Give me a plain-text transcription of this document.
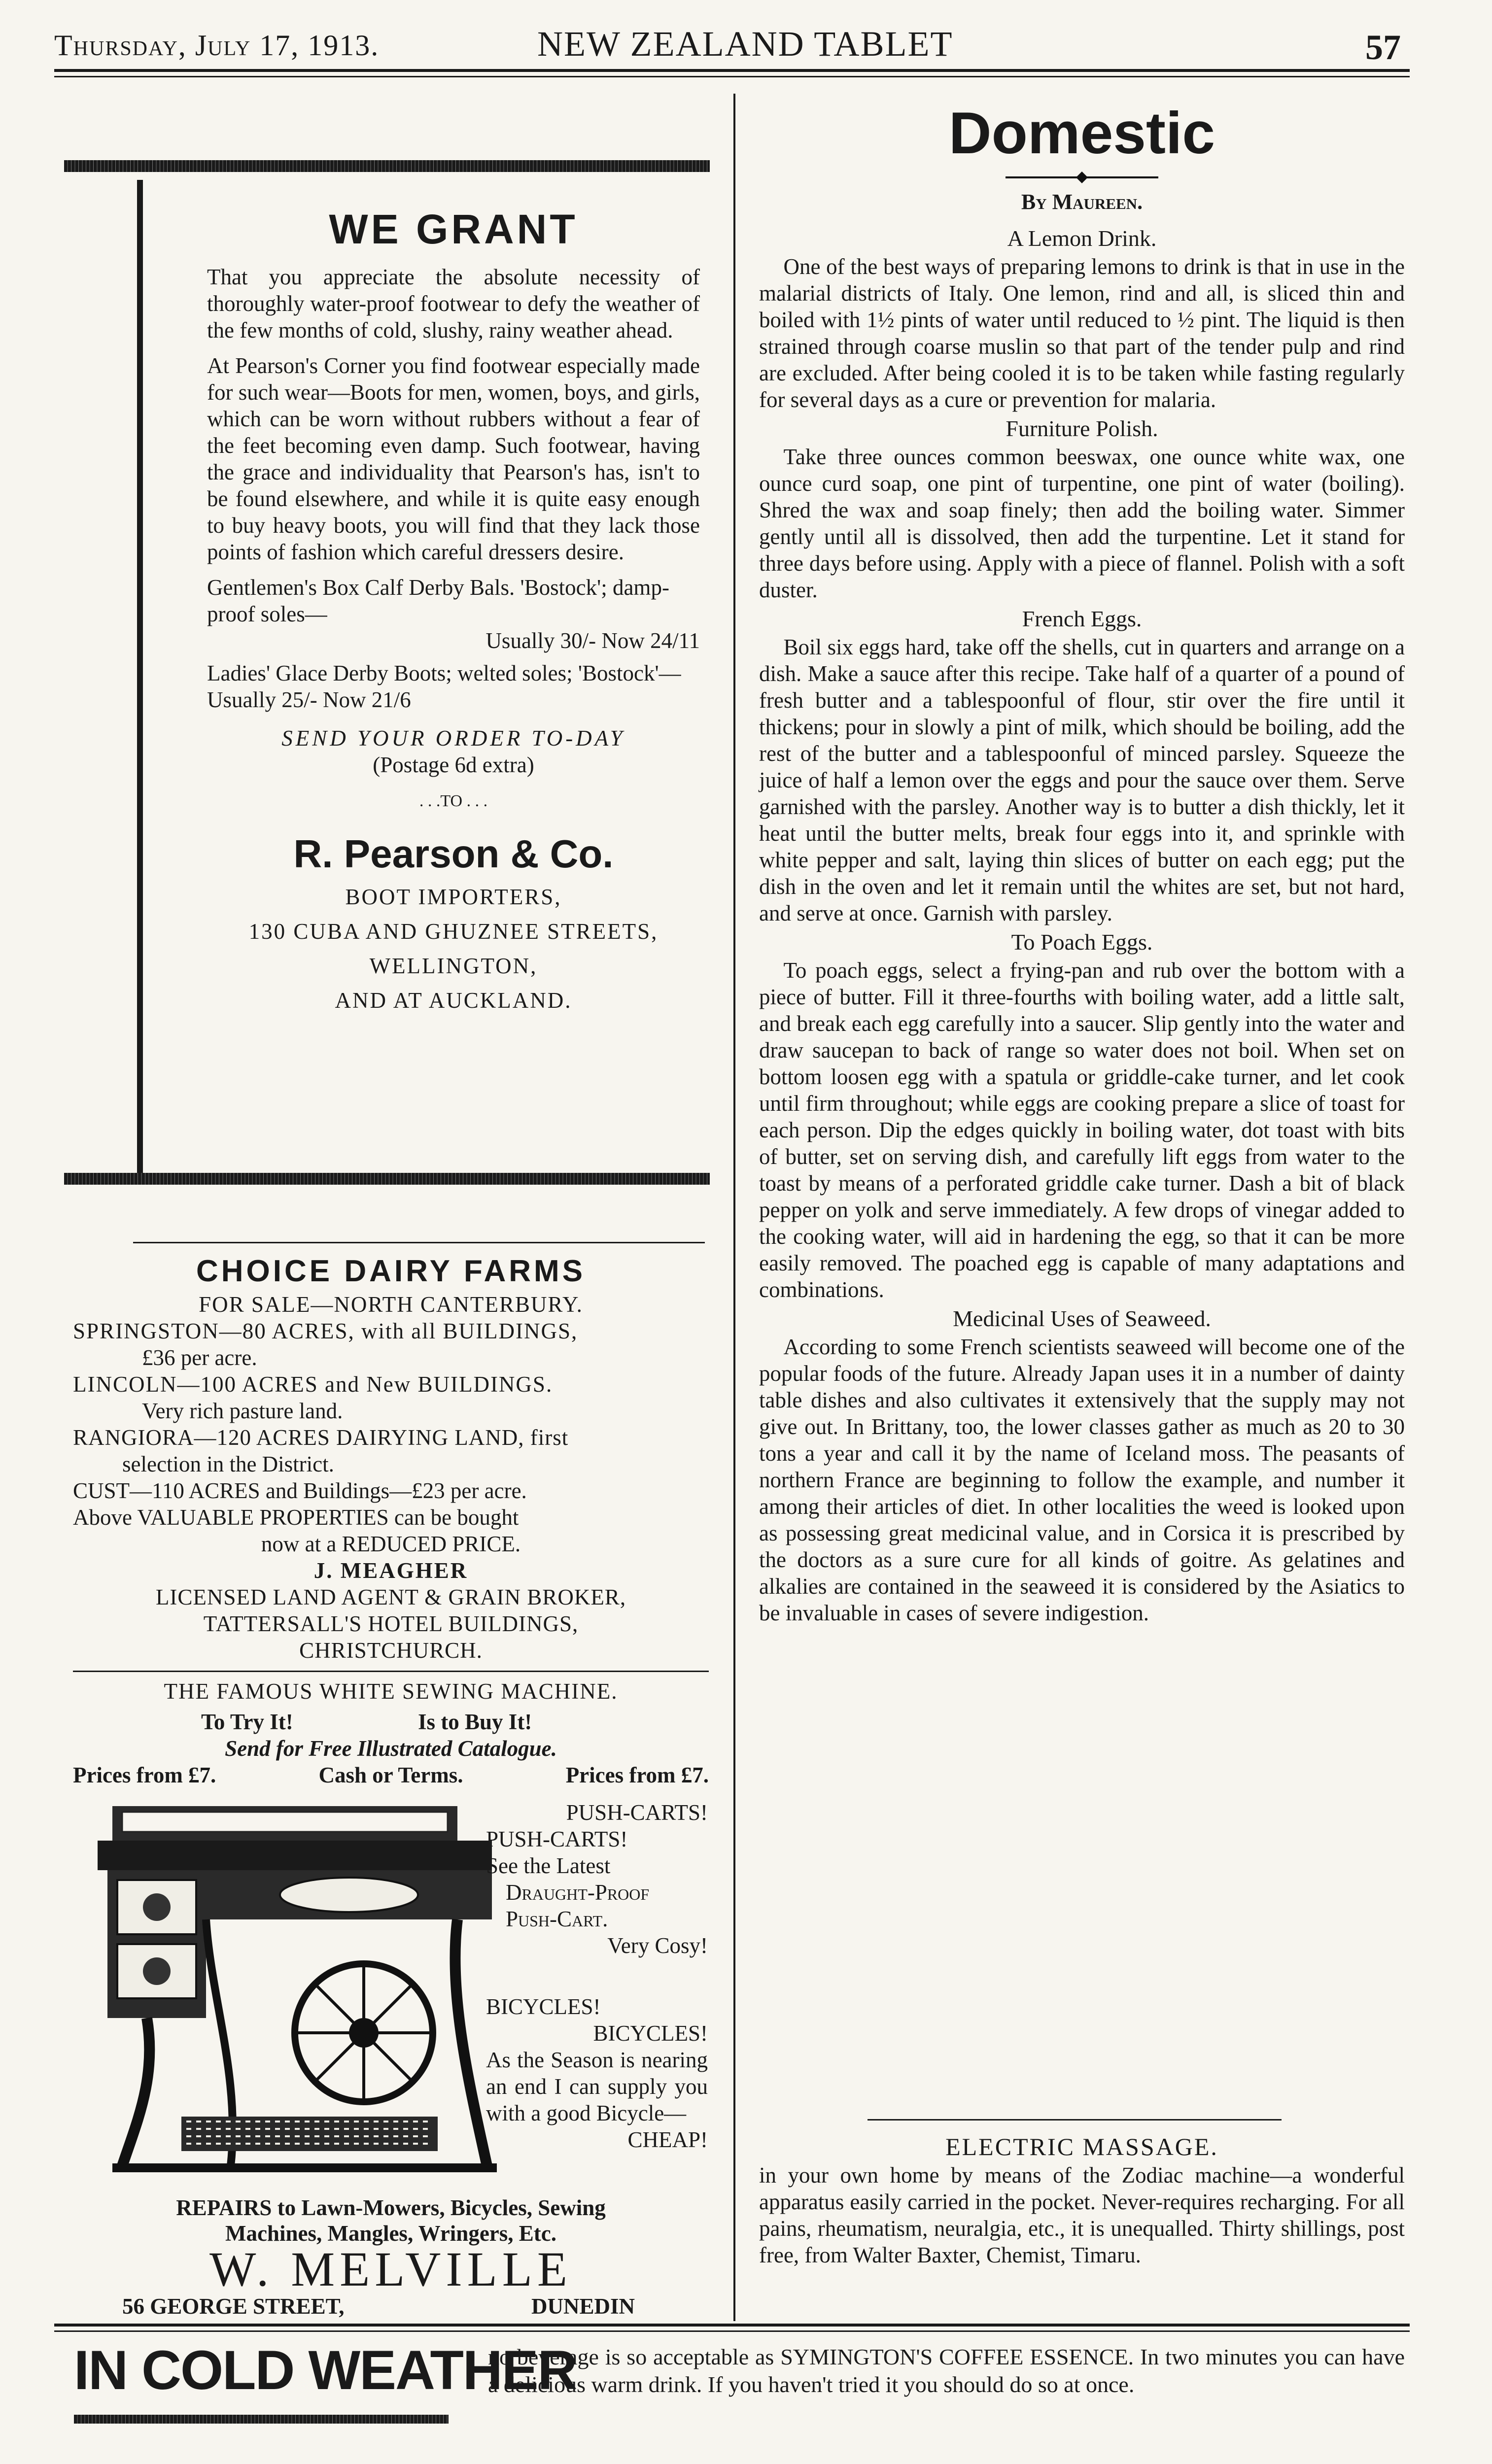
Thursday, July 17, 1913.	NEW ZEALAND TABLET	57
WE GRANT

That you appreciate the absolute necessity of thoroughly water-proof footwear to defy the weather of the few months of cold, slushy, rainy weather ahead.

At Pearson's Corner you find footwear especially made for such wear—Boots for men, women, boys, and girls, which can be worn without rubbers without a fear of the feet becoming even damp. Such footwear, having the grace and individuality that Pearson's has, isn't to be found elsewhere, and while it is quite easy enough to buy heavy boots, you will find that they lack those points of fashion which careful dressers desire.

Gentlemen's Box Calf Derby Bals. 'Bostock'; damp-proof soles—

Usually 30/- Now 24/11

Ladies' Glace Derby Boots; welted soles; 'Bostock'—Usually 25/- Now 21/6

SEND YOUR ORDER TO-DAY

(Postage 6d extra)

. . .TO . . .

R. Pearson & Co.

BOOT IMPORTERS,

130 CUBA AND GHUZNEE STREETS,

WELLINGTON,

AND AT AUCKLAND.

CHOICE DAIRY FARMS

FOR SALE—NORTH CANTERBURY.

SPRINGSTON—80 ACRES, with all BUILDINGS,

£36 per acre.

LINCOLN—100 ACRES and New BUILDINGS.

Very rich pasture land.

RANGIORA—120 ACRES DAIRYING LAND, first

selection in the District.

CUST—110 ACRES and Buildings—£23 per acre.

Above VALUABLE PROPERTIES can be bought

now at a REDUCED PRICE.

J. MEAGHER

LICENSED LAND AGENT & GRAIN BROKER,

TATTERSALL'S HOTEL BUILDINGS,

CHRISTCHURCH.

THE FAMOUS WHITE SEWING MACHINE.
To Try It!	Is to Buy It!
Send for Free Illustrated Catalogue.
Prices from £7.	Cash or Terms.	Prices from £7.

PUSH-CARTS!

PUSH-CARTS!

See the Latest

Draught-Proof

Push-Cart.

Very Cosy!

BICYCLES!

BICYCLES!

As the Season is nearing an end I can supply you with a good Bicycle—

CHEAP!

REPAIRS to Lawn-Mowers, Bicycles, Sewing
Machines, Mangles, Wringers, Etc.
W. MELVILLE
56 GEORGE STREET,	DUNEDIN
Domestic
By Maureen.
A Lemon Drink.

One of the best ways of preparing lemons to drink is that in use in the malarial districts of Italy. One lemon, rind and all, is sliced thin and boiled with 1½ pints of water until reduced to ½ pint. The liquid is then strained through coarse muslin so that part of the tender pulp and rind are excluded. After being cooled it is to be taken while fasting regularly for several days as a cure or prevention for malaria.

Furniture Polish.

Take three ounces common beeswax, one ounce white wax, one ounce curd soap, one pint of turpentine, one pint of water (boiling). Shred the wax and soap finely; then add the boiling water. Simmer gently until all is dissolved, then add the turpentine. Let it stand for three days before using. Apply with a piece of flannel. Polish with a soft duster.

French Eggs.

Boil six eggs hard, take off the shells, cut in quarters and arrange on a dish. Make a sauce after this recipe. Take half of a quarter of a pound of fresh butter and a tablespoonful of flour, stir over the fire until it thickens; pour in slowly a pint of milk, which should be boiling, add the rest of the butter and a tablespoonful of minced parsley. Squeeze the juice of half a lemon over the eggs and pour the sauce over them. Serve garnished with the parsley. Another way is to butter a dish thickly, let it heat until the butter melts, break four eggs into it, and sprinkle with white pepper and salt, laying thin slices of butter on each egg; put the dish in the oven and let it remain until the whites are set, but not hard, and serve at once. Garnish with parsley.

To Poach Eggs.

To poach eggs, select a frying-pan and rub over the bottom with a piece of butter. Fill it three-fourths with boiling water, add a little salt, and break each egg carefully into a saucer. Slip gently into the water and draw saucepan to back of range so water does not boil. When set on bottom loosen egg with a spatula or griddle-cake turner, and let cook until firm throughout; while eggs are cooking prepare a slice of toast for each person. Dip the edges quickly in boiling water, dot toast with bits of butter, set on serving dish, and carefully lift eggs from water to the toast by means of a perforated griddle cake turner. Dash a bit of black pepper on yolk and serve immediately. A few drops of vinegar added to the cooking water, will aid in hardening the egg, so that it can be more easily removed. The poached egg is capable of many adaptations and combinations.

Medicinal Uses of Seaweed.

According to some French scientists seaweed will become one of the popular foods of the future. Already Japan uses it in a number of dainty table dishes and also cultivates it extensively that the supply may not give out. In Brittany, too, the lower classes gather as much as 20 to 30 tons a year and call it by the name of Iceland moss. The peasants of northern France are beginning to follow the example, and number it among their articles of diet. In other localities the weed is looked upon as possessing great medicinal value, and in Corsica it is prescribed by the doctors as a sure cure for all kinds of goitre. As gelatines and alkalies are contained in the seaweed it is considered by the Asiatics to be invaluable in cases of severe indigestion.

ELECTRIC MASSAGE.
in your own home by means of the Zodiac machine—a wonderful apparatus easily carried in the pocket. Never-requires recharging. For all pains, rheumatism, neuralgia, etc., it is unequalled. Thirty shillings, post free, from Walter Baxter, Chemist, Timaru.
IN COLD WEATHER
no beverage is so acceptable as SYMINGTON'S COFFEE ESSENCE. In two minutes you can have a delicious warm drink. If you haven't tried it you should do so at once.
